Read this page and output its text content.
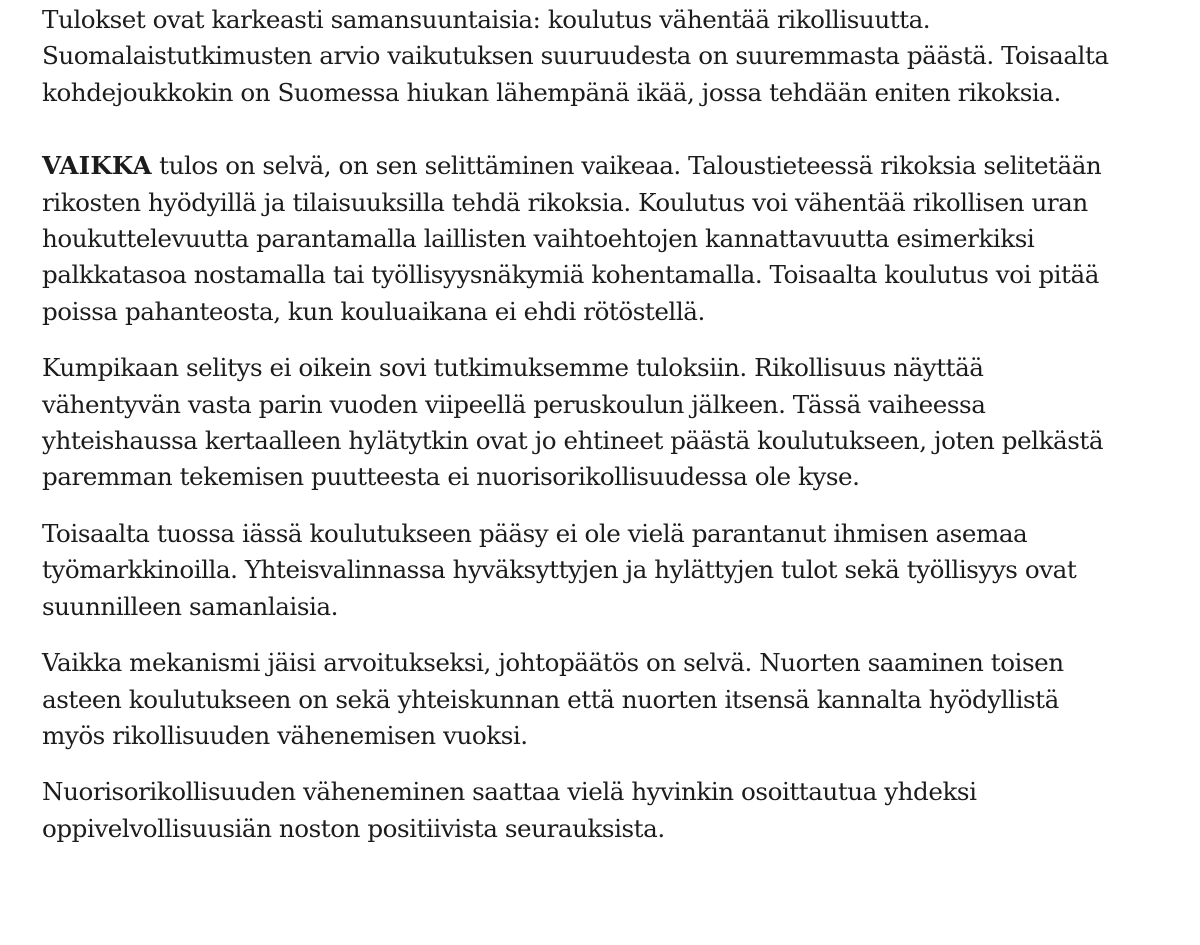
Tulokset ovat karkeasti samansuuntaisia: koulutus vähentää rikollisuutta.
Suomalaistutkimusten arvio vaikutuksen suuruudesta on suuremmasta päästä. Toisaalta
kohdejoukkokin on Suomessa hiukan lähempänä ikää, jossa tehdään eniten rikoksia.

VAIKKA tulos on selvä, on sen selittäminen vaikeaa. Taloustieteessä rikoksia selitetään
rikosten hyödyillä ja tilaisuuksilla tehdä rikoksia. Koulutus voi vähentää rikollisen uran
houkuttelevuutta parantamalla laillisten vaihtoehtojen kannattavuutta esimerkiksi
palkkatasoa nostamalla tai työllisyysnäkymiä kohentamalla. Toisaalta koulutus voi pitää
poissa pahanteosta, kun kouluaikana ei ehdi rötöstellä.

Kumpikaan selitys ei oikein sovi tutkimuksemme tuloksiin. Rikollisuus näyttää
vähentyvän vasta parin vuoden viipeellä peruskoulun jälkeen. Tässä vaiheessa
yhteishaussa kertaalleen hylätytkin ovat jo ehtineet päästä koulutukseen, joten pelkästä
paremman tekemisen puutteesta ei nuorisorikollisuudessa ole kyse.

Toisaalta tuossa iässä koulutukseen pääsy ei ole vielä parantanut ihmisen asemaa
työmarkkinoilla. Yhteisvalinnassa hyväksyttyjen ja hylättyjen tulot sekä työllisyys ovat
suunnilleen samanlaisia.

Vaikka mekanismi jäisi arvoitukseksi, johtopäätös on selvä. Nuorten saaminen toisen
asteen koulutukseen on sekä yhteiskunnan että nuorten itsensä kannalta hyödyllistä
myös rikollisuuden vähenemisen vuoksi.

Nuorisorikollisuuden väheneminen saattaa vielä hyvinkin osoittautua yhdeksi
oppivelvollisuusiän noston positiivista seurauksista.
